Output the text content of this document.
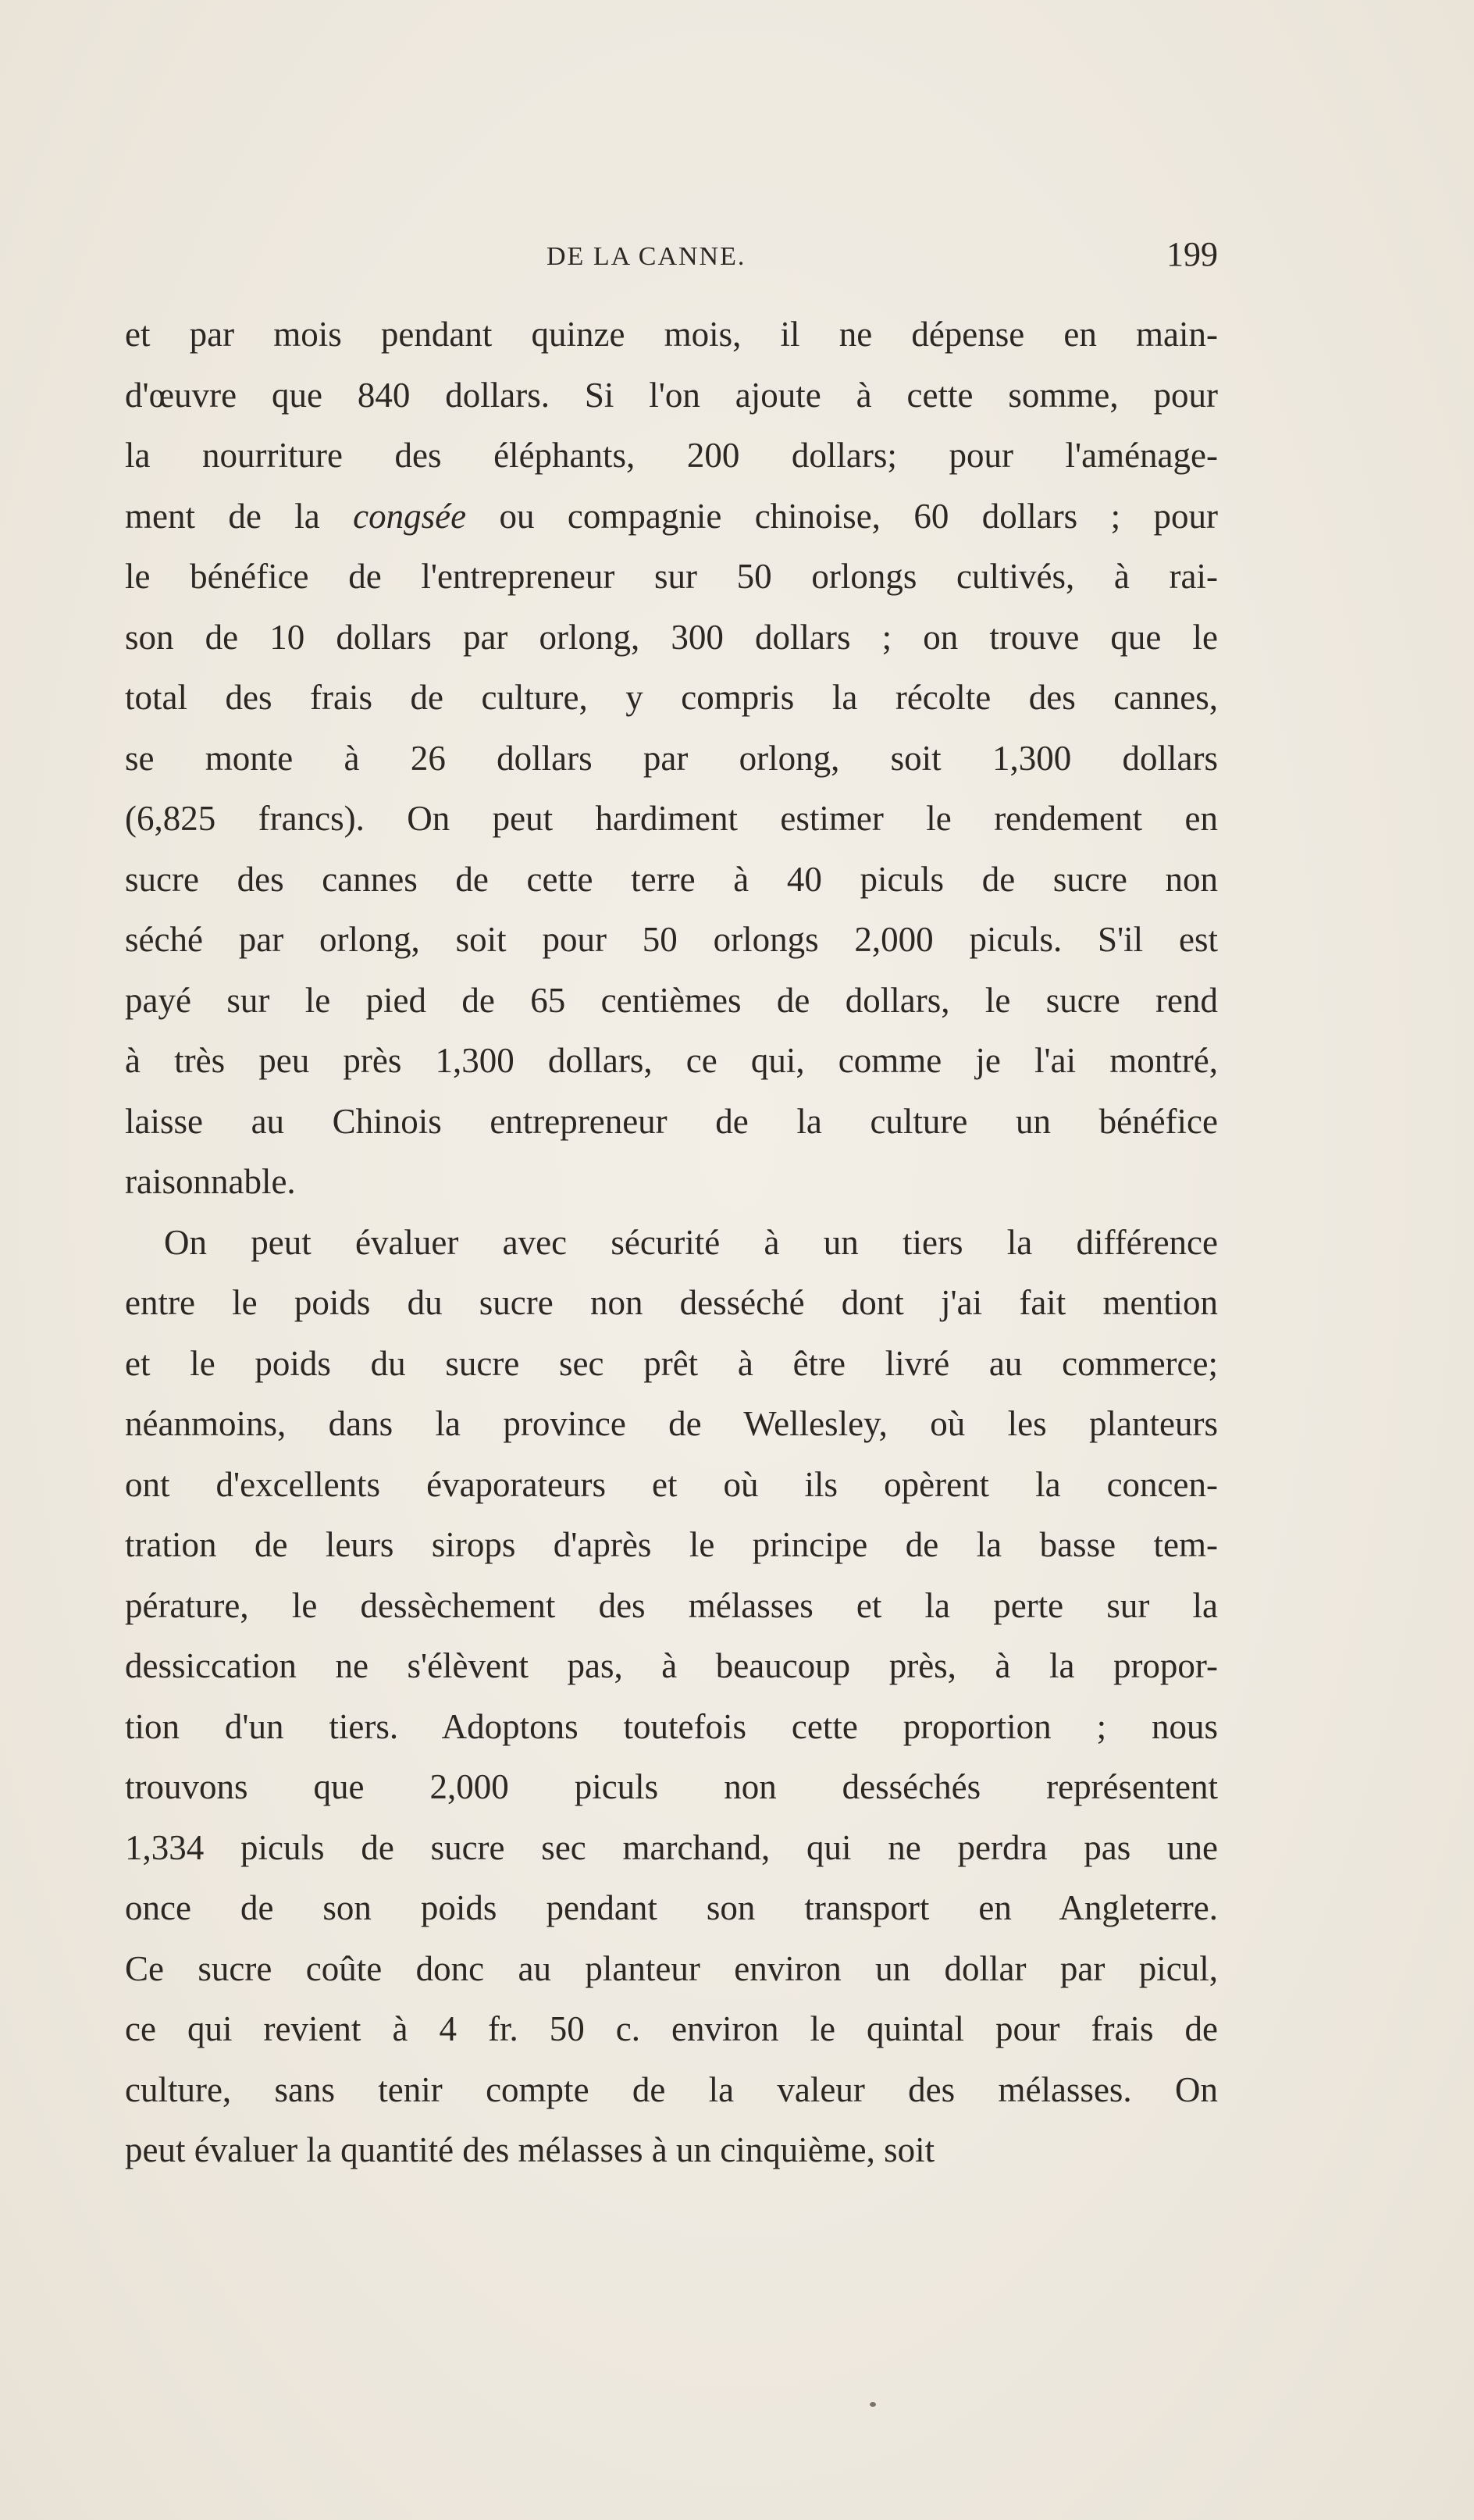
DE LA CANNE.	199
et par mois pendant quinze mois, il ne dépense en main-
d'œuvre que 840 dollars. Si l'on ajoute à cette somme, pour
la nourriture des éléphants, 200 dollars; pour l'aménage-
ment de la congsée ou compagnie chinoise, 60 dollars ; pour
le bénéfice de l'entrepreneur sur 50 orlongs cultivés, à rai-
son de 10 dollars par orlong, 300 dollars ; on trouve que le
total des frais de culture, y compris la récolte des cannes,
se monte à 26 dollars par orlong, soit 1,300 dollars
(6,825 francs). On peut hardiment estimer le rendement en
sucre des cannes de cette terre à 40 piculs de sucre non
séché par orlong, soit pour 50 orlongs 2,000 piculs. S'il est
payé sur le pied de 65 centièmes de dollars, le sucre rend
à très peu près 1,300 dollars, ce qui, comme je l'ai montré,
laisse au Chinois entrepreneur de la culture un bénéfice
raisonnable.
On peut évaluer avec sécurité à un tiers la différence
entre le poids du sucre non desséché dont j'ai fait mention
et le poids du sucre sec prêt à être livré au commerce;
néanmoins, dans la province de Wellesley, où les planteurs
ont d'excellents évaporateurs et où ils opèrent la concen-
tration de leurs sirops d'après le principe de la basse tem-
pérature, le dessèchement des mélasses et la perte sur la
dessiccation ne s'élèvent pas, à beaucoup près, à la propor-
tion d'un tiers. Adoptons toutefois cette proportion ; nous
trouvons que 2,000 piculs non desséchés représentent
1,334 piculs de sucre sec marchand, qui ne perdra pas une
once de son poids pendant son transport en Angleterre.
Ce sucre coûte donc au planteur environ un dollar par picul,
ce qui revient à 4 fr. 50 c. environ le quintal pour frais de
culture, sans tenir compte de la valeur des mélasses. On
peut évaluer la quantité des mélasses à un cinquième, soit
